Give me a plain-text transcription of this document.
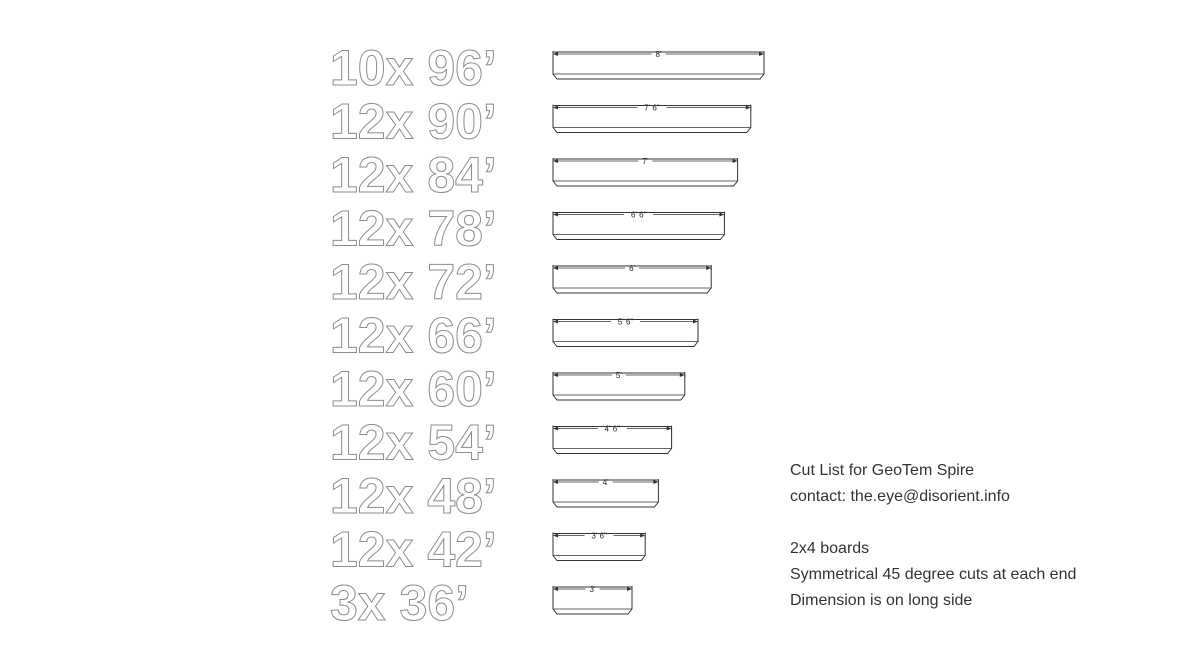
10x 96’	8'
12x 90’	7' 6"
12x 84’	7'
12x 78’	6' 6"
12x 72’	6'
12x 66’	5' 6"
12x 60’	5'
12x 54’	4' 6"
12x 48’	4'
12x 42’	3' 6"
3x 36’	3'
Cut List for GeoTem Spire
contact: the.eye@disorient.info
2x4 boards
Symmetrical 45 degree cuts at each end
Dimension is on long side
